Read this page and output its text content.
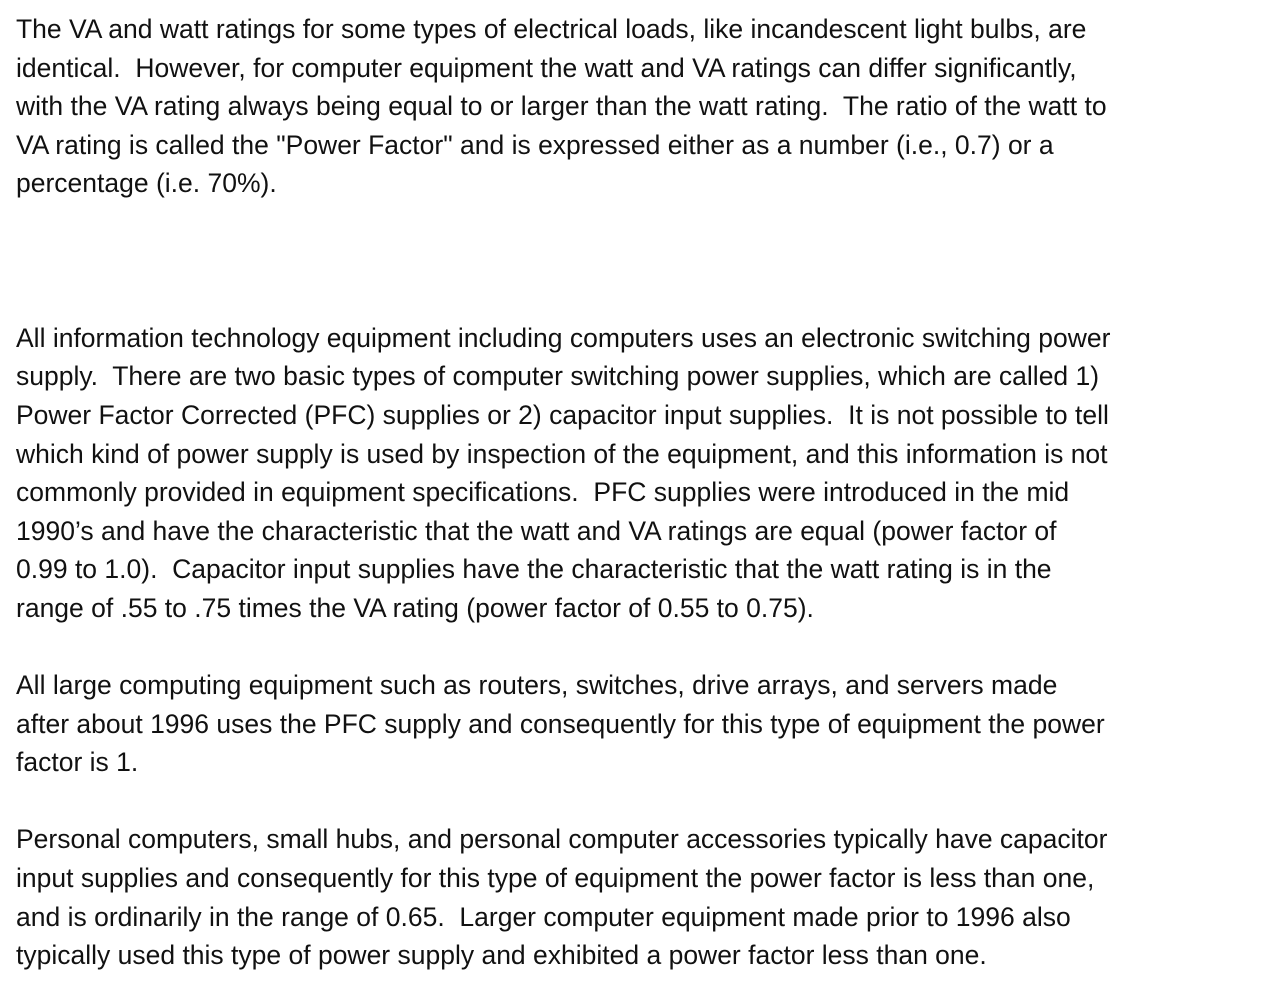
The VA and watt ratings for some types of electrical loads, like incandescent light bulbs, are
identical.  However, for computer equipment the watt and VA ratings can differ significantly,
with the VA rating always being equal to or larger than the watt rating.  The ratio of the watt to
VA rating is called the "Power Factor" and is expressed either as a number (i.e., 0.7) or a
percentage (i.e. 70%).
All information technology equipment including computers uses an electronic switching power
supply.  There are two basic types of computer switching power supplies, which are called 1)
Power Factor Corrected (PFC) supplies or 2) capacitor input supplies.  It is not possible to tell
which kind of power supply is used by inspection of the equipment, and this information is not
commonly provided in equipment specifications.  PFC supplies were introduced in the mid
1990’s and have the characteristic that the watt and VA ratings are equal (power factor of
0.99 to 1.0).  Capacitor input supplies have the characteristic that the watt rating is in the
range of .55 to .75 times the VA rating (power factor of 0.55 to 0.75).
All large computing equipment such as routers, switches, drive arrays, and servers made
after about 1996 uses the PFC supply and consequently for this type of equipment the power
factor is 1.
Personal computers, small hubs, and personal computer accessories typically have capacitor
input supplies and consequently for this type of equipment the power factor is less than one,
and is ordinarily in the range of 0.65.  Larger computer equipment made prior to 1996 also
typically used this type of power supply and exhibited a power factor less than one.
